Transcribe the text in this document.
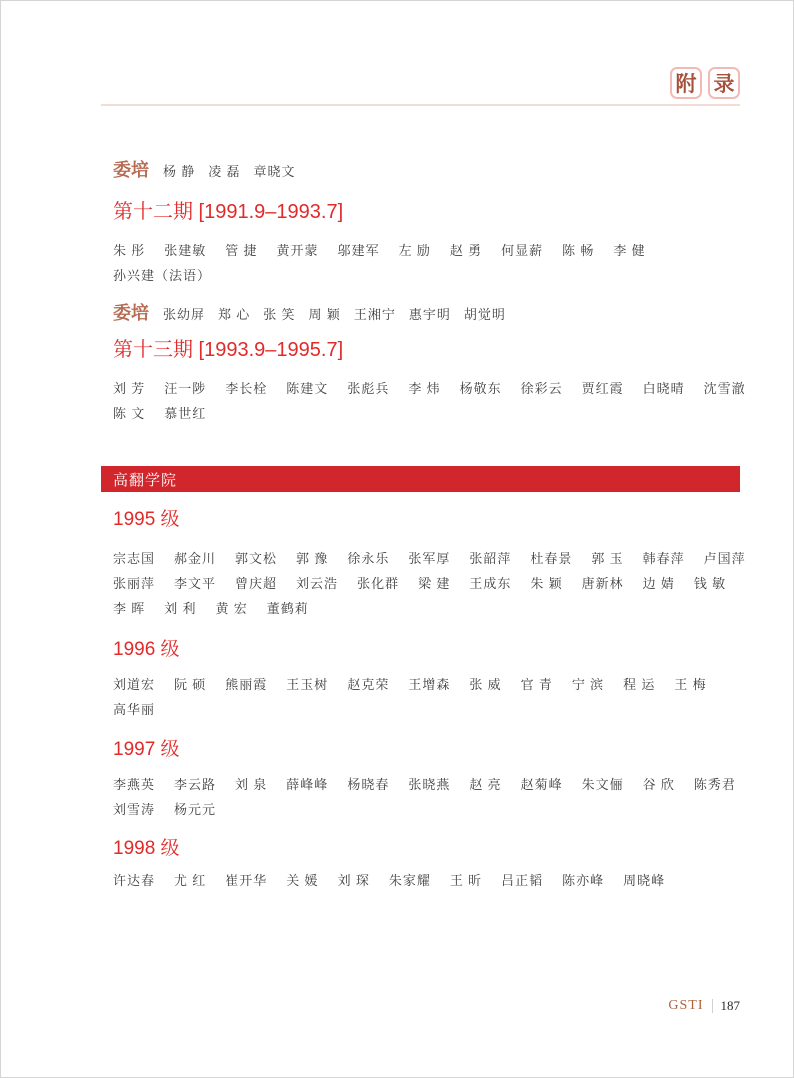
附 录
委培 杨 静 凌 磊 章晓文
第十二期 [1991.9–1993.7]
朱 彤 张建敏 管 捷 黄开蒙 邬建军 左 励 赵 勇 何显薪 陈 畅 李 健
孙兴建（法语）
委培 张幼屏 郑 心 张 笑 周 颖 王湘宁 惠宇明 胡觉明
第十三期 [1993.9–1995.7]
刘 芳 汪一陟 李长栓 陈建文 张彪兵 李 炜 杨敬东 徐彩云 贾红霞 白晓晴 沈雪澈
陈 文 慕世红
高翻学院
1995 级
宗志国 郝金川 郭文松 郭 豫 徐永乐 张军厚 张韶萍 杜春景 郭 玉 韩春萍 卢国萍
张丽萍 李文平 曾庆超 刘云浩 张化群 梁 建 王成东 朱 颖 唐新林 边 婧 钱 敏
李 晖 刘 利 黄 宏 董鹤莉
1996 级
刘道宏 阮 硕 熊丽霞 王玉树 赵克荣 王增森 张 威 官 青 宁 滨 程 运 王 梅
高华丽
1997 级
李燕英 李云路 刘 泉 薛峰峰 杨晓春 张晓燕 赵 亮 赵菊峰 朱文俪 谷 欣 陈秀君
刘雪涛 杨元元
1998 级
许达春 尤 红 崔开华 关 媛 刘 琛 朱家耀 王 昕 吕正韬 陈亦峰 周晓峰
GSTI 187
